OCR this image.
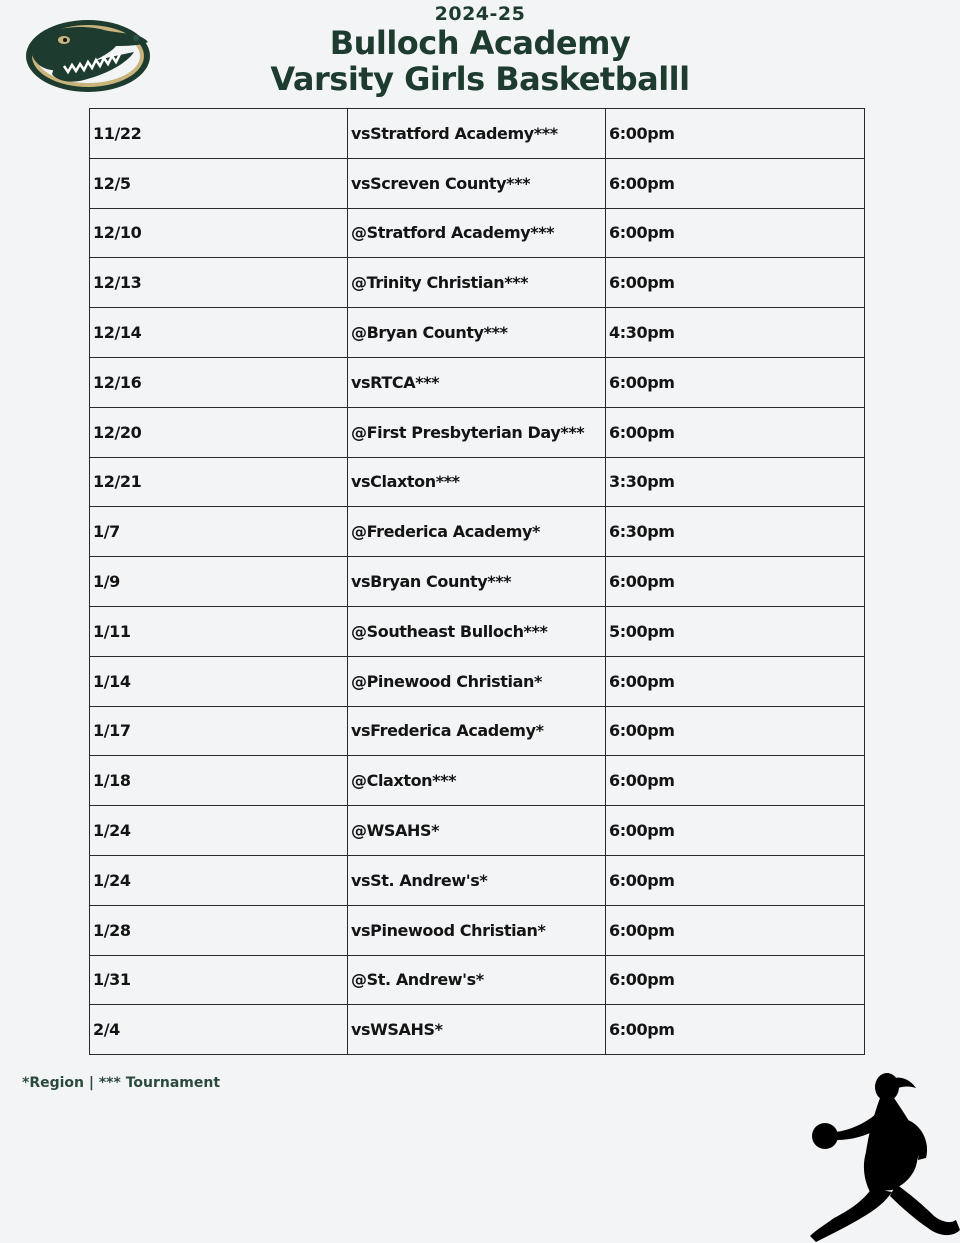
2024-25
Bulloch Academy
Varsity Girls Basketballl
11/22	vsStratford Academy***	6:00pm
12/5	vsScreven County***	6:00pm
12/10	@Stratford Academy***	6:00pm
12/13	@Trinity Christian***	6:00pm
12/14	@Bryan County***	4:30pm
12/16	vsRTCA***	6:00pm
12/20	@First Presbyterian Day***	6:00pm
12/21	vsClaxton***	3:30pm
1/7	@Frederica Academy*	6:30pm
1/9	vsBryan County***	6:00pm
1/11	@Southeast Bulloch***	5:00pm
1/14	@Pinewood Christian*	6:00pm
1/17	vsFrederica Academy*	6:00pm
1/18	@Claxton***	6:00pm
1/24	@WSAHS*	6:00pm
1/24	vsSt. Andrew's*	6:00pm
1/28	vsPinewood Christian*	6:00pm
1/31	@St. Andrew's*	6:00pm
2/4	vsWSAHS*	6:00pm
*Region | *** Tournament
